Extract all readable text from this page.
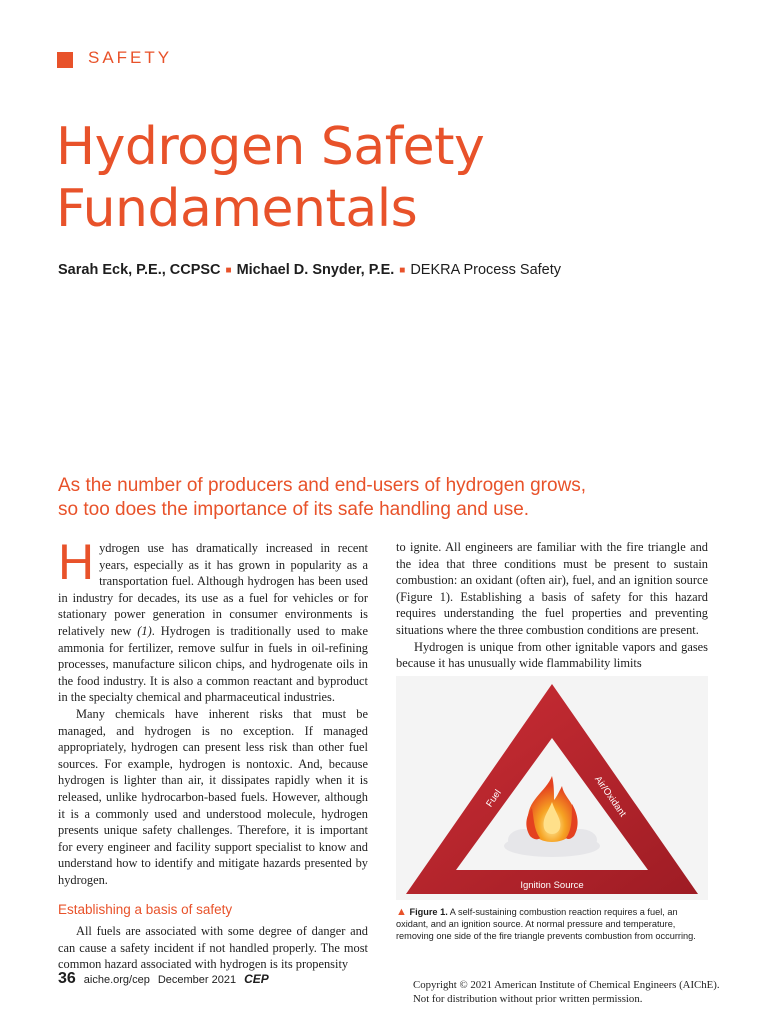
SAFETY
Hydrogen Safety
Fundamentals
Sarah Eck, P.E., CCPSC ■ Michael D. Snyder, P.E. ■ DEKRA Process Safety
As the number of producers and end-users of hydrogen grows,
so too does the importance of its safe handling and use.

Hydrogen use has dramatically increased in recent years, especially as it has grown in popularity as a transportation fuel. Although hydrogen has been used in industry for decades, its use as a fuel for vehicles or for stationary power generation in consumer environments is relatively new (1). Hydrogen is traditionally used to make ammonia for fertilizer, remove sulfur in fuels in oil-refining processes, manufacture silicon chips, and hydrogenate oils in the food industry. It is also a common reactant and byproduct in the specialty chemical and pharmaceutical industries.

Many chemicals have inherent risks that must be managed, and hydrogen is no exception. If managed appropriately, hydrogen can present less risk than other fuel sources. For example, hydrogen is nontoxic. And, because hydrogen is lighter than air, it dissipates rapidly when it is released, unlike hydrocarbon-based fuels. However, although it is a commonly used and understood molecule, hydrogen presents unique safety challenges. Therefore, it is important for every engineer and facility support specialist to know and understand how to identify and mitigate hazards presented by hydrogen.

Establishing a basis of safety

All fuels are associated with some degree of danger and can cause a safety incident if not handled properly. The most common hazard associated with hydrogen is its propensity

to ignite. All engineers are familiar with the fire triangle and the idea that three conditions must be present to sustain combustion: an oxidant (often air), fuel, and an ignition source (Figure 1). Establishing a basis of safety for this hazard requires understanding the fuel properties and preventing situations where the three combustion conditions are present.

Hydrogen is unique from other ignitable vapors and gases because it has unusually wide flammability limits

Fuel	Air/Oxidant
Ignition Source
▲ Figure 1. A self-sustaining combustion reaction requires a fuel, an oxidant, and an ignition source. At normal pressure and temperature, removing one side of the fire triangle prevents combustion from occurring.
36 aiche.org/cep December 2021 CEP	Copyright © 2021 American Institute of Chemical Engineers (AIChE).
Not for distribution without prior written permission.
